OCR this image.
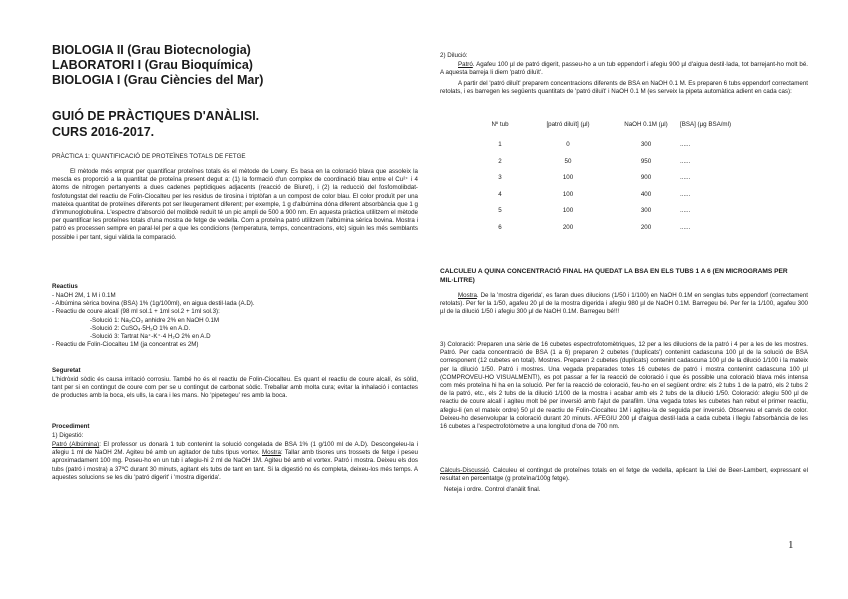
BIOLOGIA II (Grau Biotecnologia)
LABORATORI I (Grau Bioquímica)
BIOLOGIA I (Grau Ciències del Mar)
GUIÓ DE PRÀCTIQUES D'ANÀLISI.
CURS 2016-2017.
PRÀCTICA 1: QUANTIFICACIÓ DE PROTEÏNES TOTALS DE FETGE
El mètode més emprat per quantificar proteïnes totals és el mètode de Lowry. Es basa en la coloració blava que assoleix la mescla es proporció a la quantitat de proteïna present degut a: (1) la formació d'un complex de coordinació blau entre el Cu²⁺ i 4 àtoms de nitrogen pertanyents a dues cadenes peptídiques adjacents (reacció de Biuret), i (2) la reducció del fosfomolibdat-fosfotungstat del reactiu de Folin-Ciocalteu per les residus de tirosina i triptòfan a un compost de color blau. El color produït per una mateixa quantitat de proteïnes diferents pot ser lleugerament diferent; per exemple, 1 g d'albúmina dóna diferent absorbància que 1 g d'immunoglobulina. L'espectre d'absorció del molibdè reduït té un pic ampli de 500 a 900 nm. En aquesta pràctica utilitzem el mètode per quantificar les proteïnes totals d'una mostra de fetge de vedella. Com a proteïna patró utilitzem l'albúmina sèrica bovina. Mostra i patró es processen sempre en paral·lel per a que les condicions (temperatura, temps, concentracions, etc) siguin les més semblants possible i per tant, sigui vàlida la comparació.
Reactius
- NaOH 2M, 1 M i 0.1M
- Albúmina sèrica bovina (BSA) 1% (1g/100ml), en aigua destil·lada (A.D).
- Reactiu de coure alcalí (98 ml sol.1 + 1ml sol.2 + 1ml sol.3):
-Solució 1: Na₂CO₃ anhidre 2% en NaOH 0.1M
-Solució 2: CuSO₄·5H₂O 1% en A.D.
-Solució 3: Tartrat Na⁺-K⁺·4 H₂O 2% en A.D
- Reactiu de Folin-Ciocalteu 1M (ja concentrat es 2M)
Seguretat
L'hidròxid sòdic és causa irritació corrosiu. També ho és el reactiu de Folin-Ciocalteu. Es quant el reactiu de coure alcalí, és sòlid, tant per si en contingut de coure com per se u contingut de carbonat sòdic. Treballar amb molta cura; evitar la inhalació i contactes de productes amb la boca, els ulls, la cara i les mans. No 'pipetegeu' res amb la boca.
Procediment
1) Digestió:
Patró (Albúmina): El professor us donarà 1 tub contenint la solució congelada de BSA 1% (1 g/100 ml de A.D). Descongeleu-la i afegiu 1 ml de NaOH 2M. Agiteu bé amb un agitador de tubs tipus vortex. Mostra: Tallar amb tisores uns trossets de fetge i peseu aproximadament 100 mg. Poseu-ho en un tub i afegiu-hi 2 ml de NaOH 1M. Agiteu bé amb el vortex. Patró i mostra. Deixeu els dos tubs (patró i mostra) a 37ºC durant 30 minuts, agitant els tubs de tant en tant. Si la digestió no és completa, deixeu-los més temps. A aquestes solucions se les diu 'patró digerit' i 'mostra digerida'.
2) Dilució:
Patró. Agafeu 100 µl de patró digerit, passeu-ho a un tub eppendorf i afegiu 900 µl d'aigua destil·lada, tot barrejant-ho molt bé. A aquesta barreja li diem 'patró diluït'.
A partir del 'patró diluït' preparem concentracions diferents de BSA en NaOH 0.1 M. Es preparen 6 tubs eppendorf correctament retolats, i es barregen les següents quantitats de 'patró diluït' i NaOH 0.1 M (es serveix la pipeta automàtica adient en cada cas):
Nº tub	[patró diluït] (µl)	NaOH 0.1M (µl)	[BSA] (µg BSA/ml)
1	0	300	......
2	50	950	......
3	100	900	......
4	100	400	......
5	100	300	......
6	200	200	......
CALCULEU A QUINA CONCENTRACIÓ FINAL HA QUEDAT LA BSA EN ELS TUBS 1 A 6 (EN MICROGRAMS PER MIL·LITRE)
Mostra. De la 'mostra digerida', es faran dues dilucions (1/50 i 1/100) en NaOH 0.1M en senglas tubs eppendorf (correctament retolats). Per fer la 1/50, agafeu 20 µl de la mostra digerida i afegiu 980 µl de NaOH 0.1M. Barregeu bé. Per fer la 1/100, agafeu 300 µl de la dilució 1/50 i afegiu 300 µl de NaOH 0.1M. Barregeu bé!!!
3) Coloració: Preparen una sèrie de 16 cubetes espectrofotomètriques, 12 per a les dilucions de la patró i 4 per a les de les mostres. Patró. Per cada concentració de BSA (1 a 6) preparen 2 cubetes ('duplicats') contenint cadascuna 100 µl de la solució de BSA corresponent (12 cubetes en total). Mostres. Preparen 2 cubetes (duplicats) contenint cadascuna 100 µl de la dilució 1/100 i la mateix per la dilució 1/50. Patró i mostres. Una vegada preparades totes 16 cubetes de patró i mostra contenint cadascuna 100 µl (COMPROVEU-HO VISUALMENT!), es pot passar a fer la reacció de coloració i que és possible una coloració blava més intensa com més proteïna hi ha en la solució. Per fer la reacció de coloració, feu-ho en el següent ordre: els 2 tubs 1 de la patró, els 2 tubs 2 de la patró, etc., els 2 tubs de la dilució 1/100 de la mostra i acabar amb els 2 tubs de la dilució 1/50. Coloració: afegiu 500 µl de reactiu de coure alcalí i agiteu molt bé per inversió amb l'ajut de parafilm. Una vegada totes les cubetes han rebut el primer reactiu, afegiu-li (en el mateix ordre) 50 µl de reactiu de Folin-Ciocalteu 1M i agiteu-la de seguida per inversió. Observeu el canvis de color. Deixeu-ho desenvolupar la coloració durant 20 minuts. AFEGIU 200 µl d'aigua destil·lada a cada cubeta i llegiu l'absorbància de les 16 cubetes a l'espectrofotòmetre a una longitud d'ona de 700 nm.
Càlculs-Discussió. Calculeu el contingut de proteïnes totals en el fetge de vedella, aplicant la Llei de Beer-Lambert, expressant el resultat en percentatge (g proteïna/100g fetge).
Neteja i ordre. Control d'anàlit final.
1
